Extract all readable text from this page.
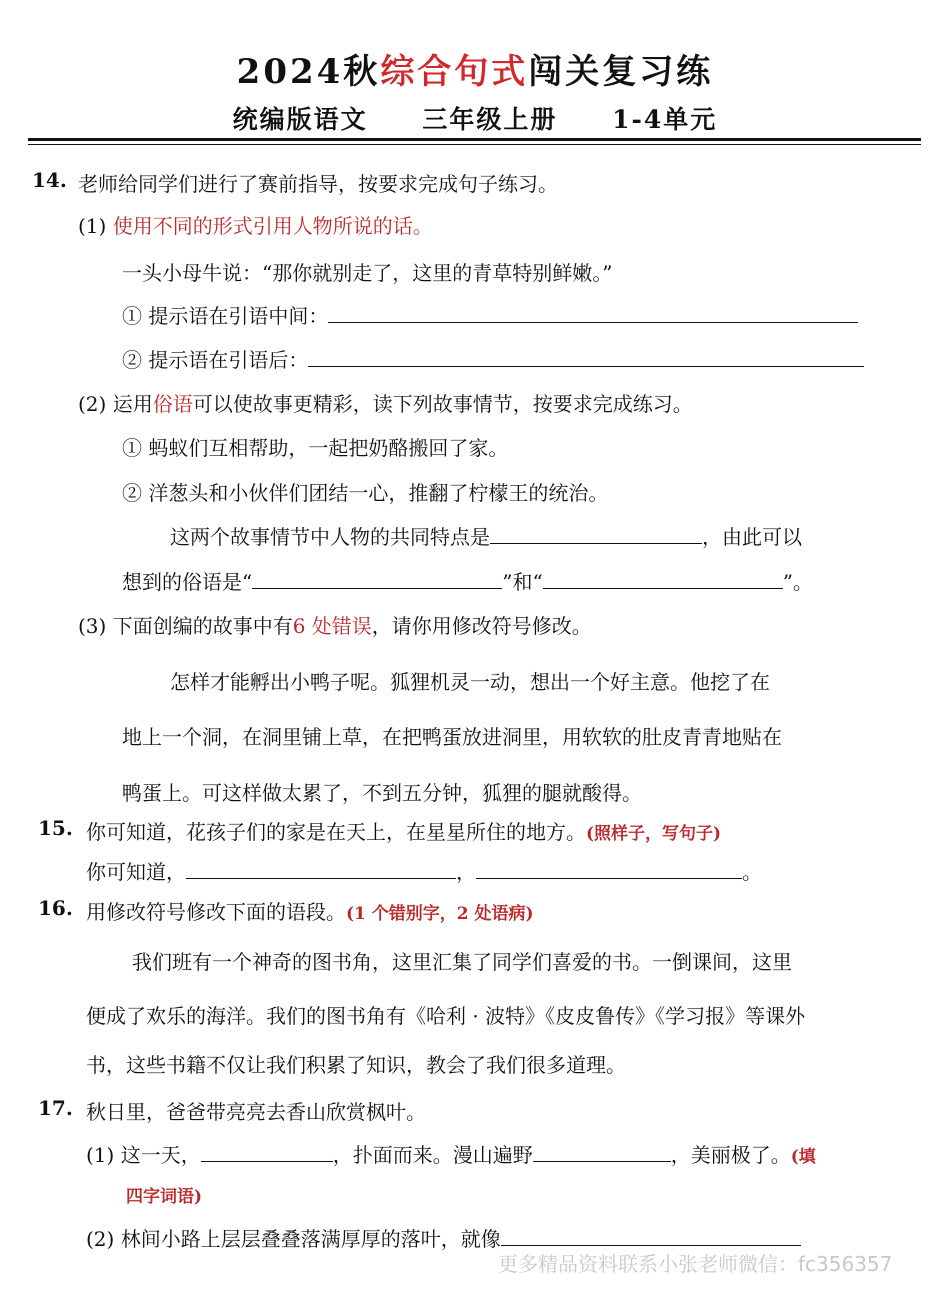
2024秋综合句式闯关复习练
统编版语文 三年级上册 1-4单元
14. 老师给同学们进行了赛前指导，按要求完成句子练习。
(1) 使用不同的形式引用人物所说的话。
一头小母牛说：“那你就别走了，这里的青草特别鲜嫩。”
① 提示语在引语中间：
② 提示语在引语后：
(2) 运用俗语可以使故事更精彩，读下列故事情节，按要求完成练习。
① 蚂蚁们互相帮助，一起把奶酪搬回了家。
② 洋葱头和小伙伴们团结一心，推翻了柠檬王的统治。
这两个故事情节中人物的共同特点是	，由此可以
想到的俗语是“	”和“	”。
(3) 下面创编的故事中有6 处错误，请你用修改符号修改。
怎样才能孵出小鸭子呢。狐狸机灵一动，想出一个好主意。他挖了在
地上一个洞，在洞里铺上草，在把鸭蛋放进洞里，用软软的肚皮青青地贴在
鸭蛋上。可这样做太累了，不到五分钟，狐狸的腿就酸得。
15. 你可知道，花孩子们的家是在天上，在星星所住的地方。(照样子，写句子)
你可知道，	，	。
16. 用修改符号修改下面的语段。(1 个错别字，2 处语病)
我们班有一个神奇的图书角，这里汇集了同学们喜爱的书。一倒课间，这里
便成了欢乐的海洋。我们的图书角有《哈利 · 波特》《皮皮鲁传》《学习报》等课外
书，这些书籍不仅让我们积累了知识，教会了我们很多道理。
17. 秋日里，爸爸带亮亮去香山欣赏枫叶。
(1) 这一天，	，扑面而来。漫山遍野	，美丽极了。(填
四字词语)
(2) 林间小路上层层叠叠落满厚厚的落叶，就像
更多精品资料联系小张老师微信：fc356357
